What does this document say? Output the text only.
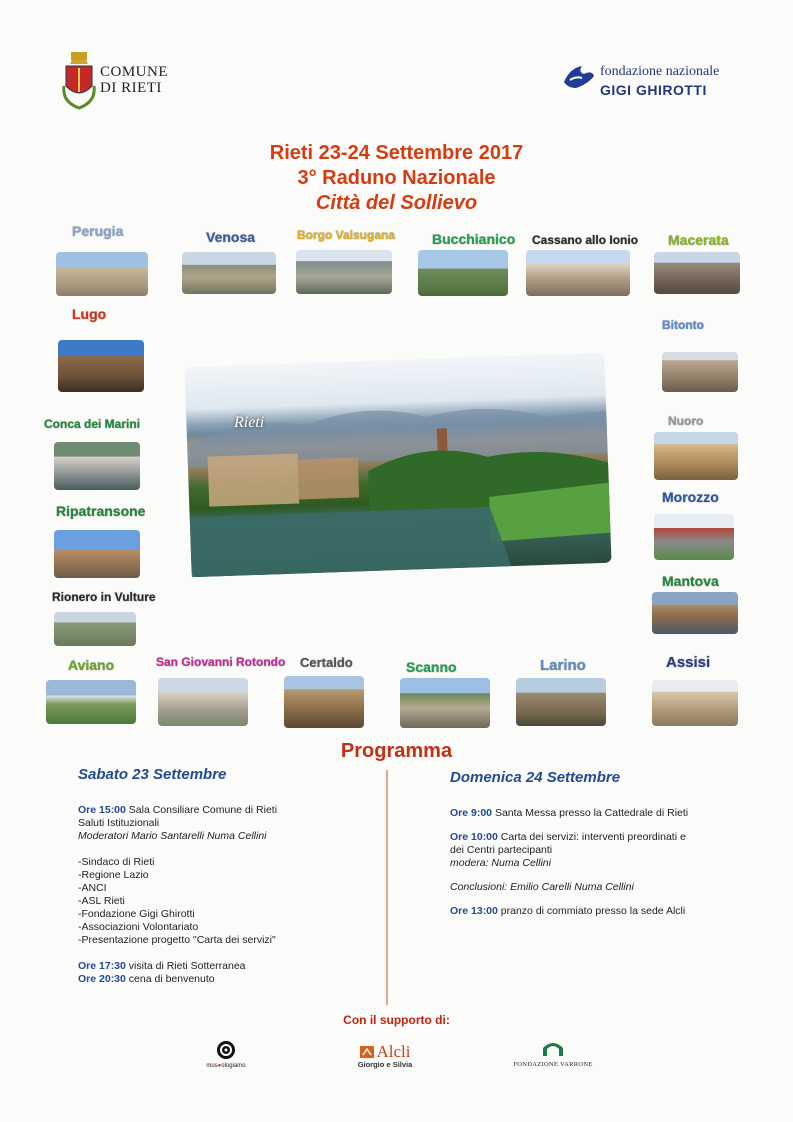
COMUNE
DI RIETI
fondazione nazionale
GIGI GHIROTTI
Rieti 23-24 Settembre 2017
3° Raduno Nazionale
Città del Sollievo
Perugia	Venosa	Borgo Valsugana	Bucchianico Cassano allo Ionio Macerata
Lugo
Conca dei Marini
Ripatransone
Rionero in Vulture
Bitonto
Nuoro
Morozzo
Mantova
Aviano	San Giovanni Rotondo Certaldo	Scanno	Larino	Assisi
Rieti
Programma
Sabato 23 Settembre
Ore 15:00 Sala Consiliare Comune di Rieti
Saluti Istituzionali
Moderatori Mario Santarelli Numa Cellini
-Sindaco di Rieti
-Regione Lazio
-ANCI
-ASL Rieti
-Fondazione Gigi Ghirotti
-Associazioni Volontariato
-Presentazione progetto "Carta dei servizi"
Ore 17:30 visita di Rieti Sotterranea
Ore 20:30 cena di benvenuto
Domenica 24 Settembre
Ore 9:00 Santa Messa presso la Cattedrale di Rieti
Ore 10:00 Carta dei servizi: interventi preordinati e
dei Centri partecipanti
modera: Numa Cellini
Conclusioni: Emilio Carelli Numa Cellini
Ore 13:00 pranzo di commiato presso la sede Alcli
Con il supporto di:
mus●ologiamo
Alcli
Giorgio e Silvia	FONDAZIONE VARRONE
